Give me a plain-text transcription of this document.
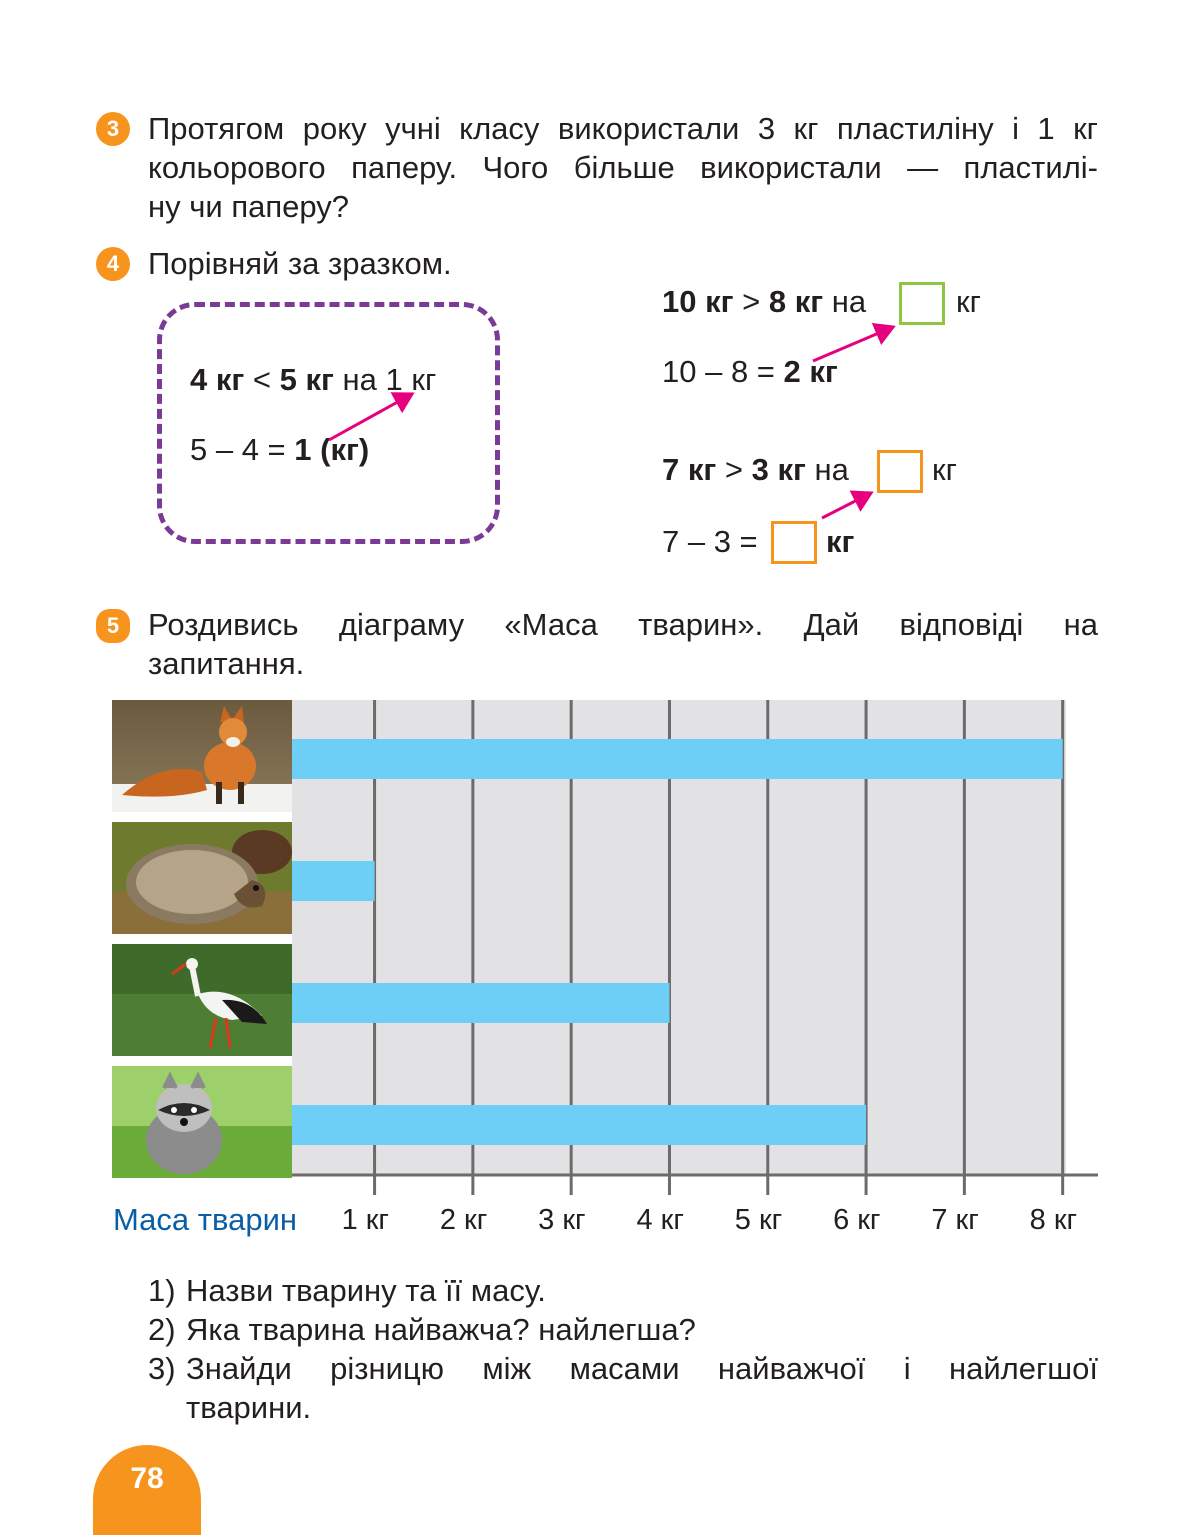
3 Протягом року учні класу використали 3 кг пластиліну і 1 кг
кольорового паперу. Чого більше використали — пластилі-
ну чи паперу?
4 Порівняй за зразком.
4 кг < 5 кг на 1 кг
5 – 4 = 1 (кг)
10 кг > 8 кг на	кг
10 – 8 = 2 кг
7 кг > 3 кг на	кг
7 – 3 = кг
5 Роздивись діаграму «Маса тварин». Дай відповіді на
запитання.
Маса тварин 1 кг 2 кг 3 кг 4 кг 5 кг 6 кг 7 кг 8 кг
1) Назви тварину та її масу.
2) Яка тварина найважча? найлегша?
3) Знайди різницю між масами найважчої і найлегшої
тварини.
78
